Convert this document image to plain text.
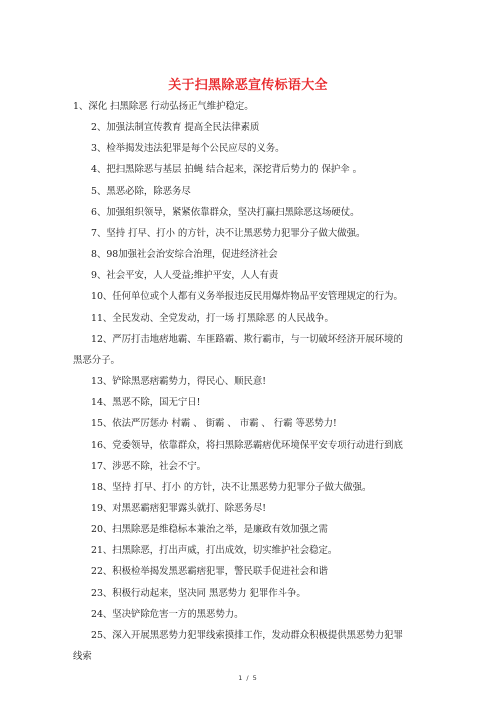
关于扫黑除恶宣传标语大全

1、深化 扫黑除恶 行动弘扬正气维护稳定。

2、加强法制宣传教育 提高全民法律素质

3、检举揭发违法犯罪是每个公民应尽的义务。

4、把扫黑除恶与基层 拍蝇 结合起来，深挖背后势力的 保护伞 。

5、黑恶必除，除恶务尽

6、加强组织领导，紧紧依靠群众，坚决打赢扫黑除恶这场硬仗。

7、坚持 打早、打小 的方针，决不让黑恶势力犯罪分子做大做强。

8、98加强社会治安综合治理，促进经济社会

9、社会平安，人人受益;维护平安，人人有责

10、任何单位或个人都有义务举报违反民用爆炸物品平安管理规定的行为。

11、全民发动、全党发动，打一场 打黑除恶 的人民战争。

12、严厉打击地痞地霸、车匪路霸、欺行霸市，与一切破坏经济开展环境的

黑恶分子。

13、铲除黑恶痞霸势力，得民心、顺民意!

14、黑恶不除，国无宁日!

15、依法严厉惩办 村霸 、 街霸 、 市霸 、 行霸 等恶势力!

16、党委领导，依靠群众，将扫黑除恶霸痞优环境保平安专项行动进行到底

17、涉恶不除，社会不宁。

18、坚持 打早、打小 的方针，决不让黑恶势力犯罪分子做大做强。

19、对黑恶霸痞犯罪露头就打、除恶务尽!

20、扫黑除恶是维稳标本兼治之举，是廉政有效加强之需

21、扫黑除恶，打出声威，打出成效，切实维护社会稳定。

22、积极检举揭发黑恶霸痞犯罪，警民联手促进社会和谐

23、积极行动起来，坚决同 黑恶势力 犯罪作斗争。

24、坚决铲除危害一方的黑恶势力。

25、深入开展黑恶势力犯罪线索摸排工作，发动群众积极提供黑恶势力犯罪

线索

1 / 5
